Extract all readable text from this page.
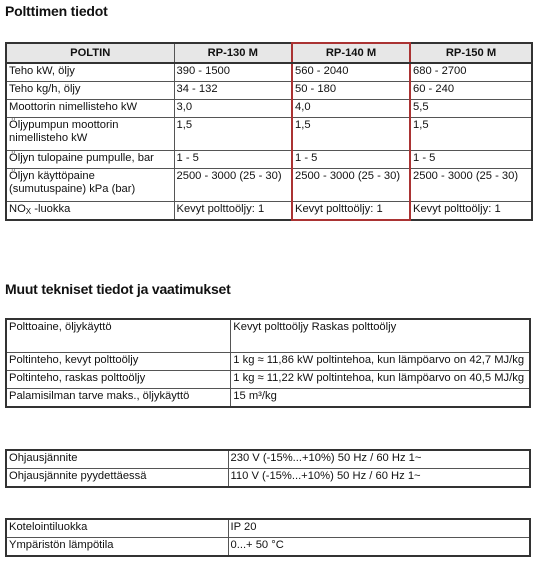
Polttimen tiedot
POLTIN	RP-130 M	RP-140 M	RP-150 M
Teho kW, öljy	390 - 1500	560 - 2040	680 - 2700
Teho kg/h, öljy	34 - 132	50 - 180	60 - 240
Moottorin nimellisteho kW	3,0	4,0	5,5
Öljypumpun moottorin nimellisteho kW	1,5	1,5	1,5
Öljyn tulopaine pumpulle, bar	1 - 5	1 - 5	1 - 5
Öljyn käyttöpaine (sumutuspaine) kPa (bar)	2500 - 3000 (25 - 30)	2500 - 3000 (25 - 30)	2500 - 3000 (25 - 30)
$NO_X$ -luokka	Kevyt polttoöljy: 1	Kevyt polttoöljy: 1	Kevyt polttoöljy: 1
Muut tekniset tiedot ja vaatimukset
Polttoaine, öljykäyttö	Kevyt polttoöljy Raskas polttoöljy
Poltinteho, kevyt polttoöljy	1 kg ≈ 11,86 kW poltintehoa, kun lämpöarvo on 42,7 MJ/kg
Poltinteho, raskas polttoöljy	1 kg ≈ 11,22 kW poltintehoa, kun lämpöarvo on 40,5 MJ/kg
Palamisilman tarve maks., öljykäyttö	15 m³/kg
Ohjausjännite	230 V (-15%...+10%) 50 Hz / 60 Hz 1~
Ohjausjännite pyydettäessä	110 V (-15%...+10%) 50 Hz / 60 Hz 1~
Kotelointiluokka	IP 20
Ympäristön lämpötila	0...+ 50 °C
